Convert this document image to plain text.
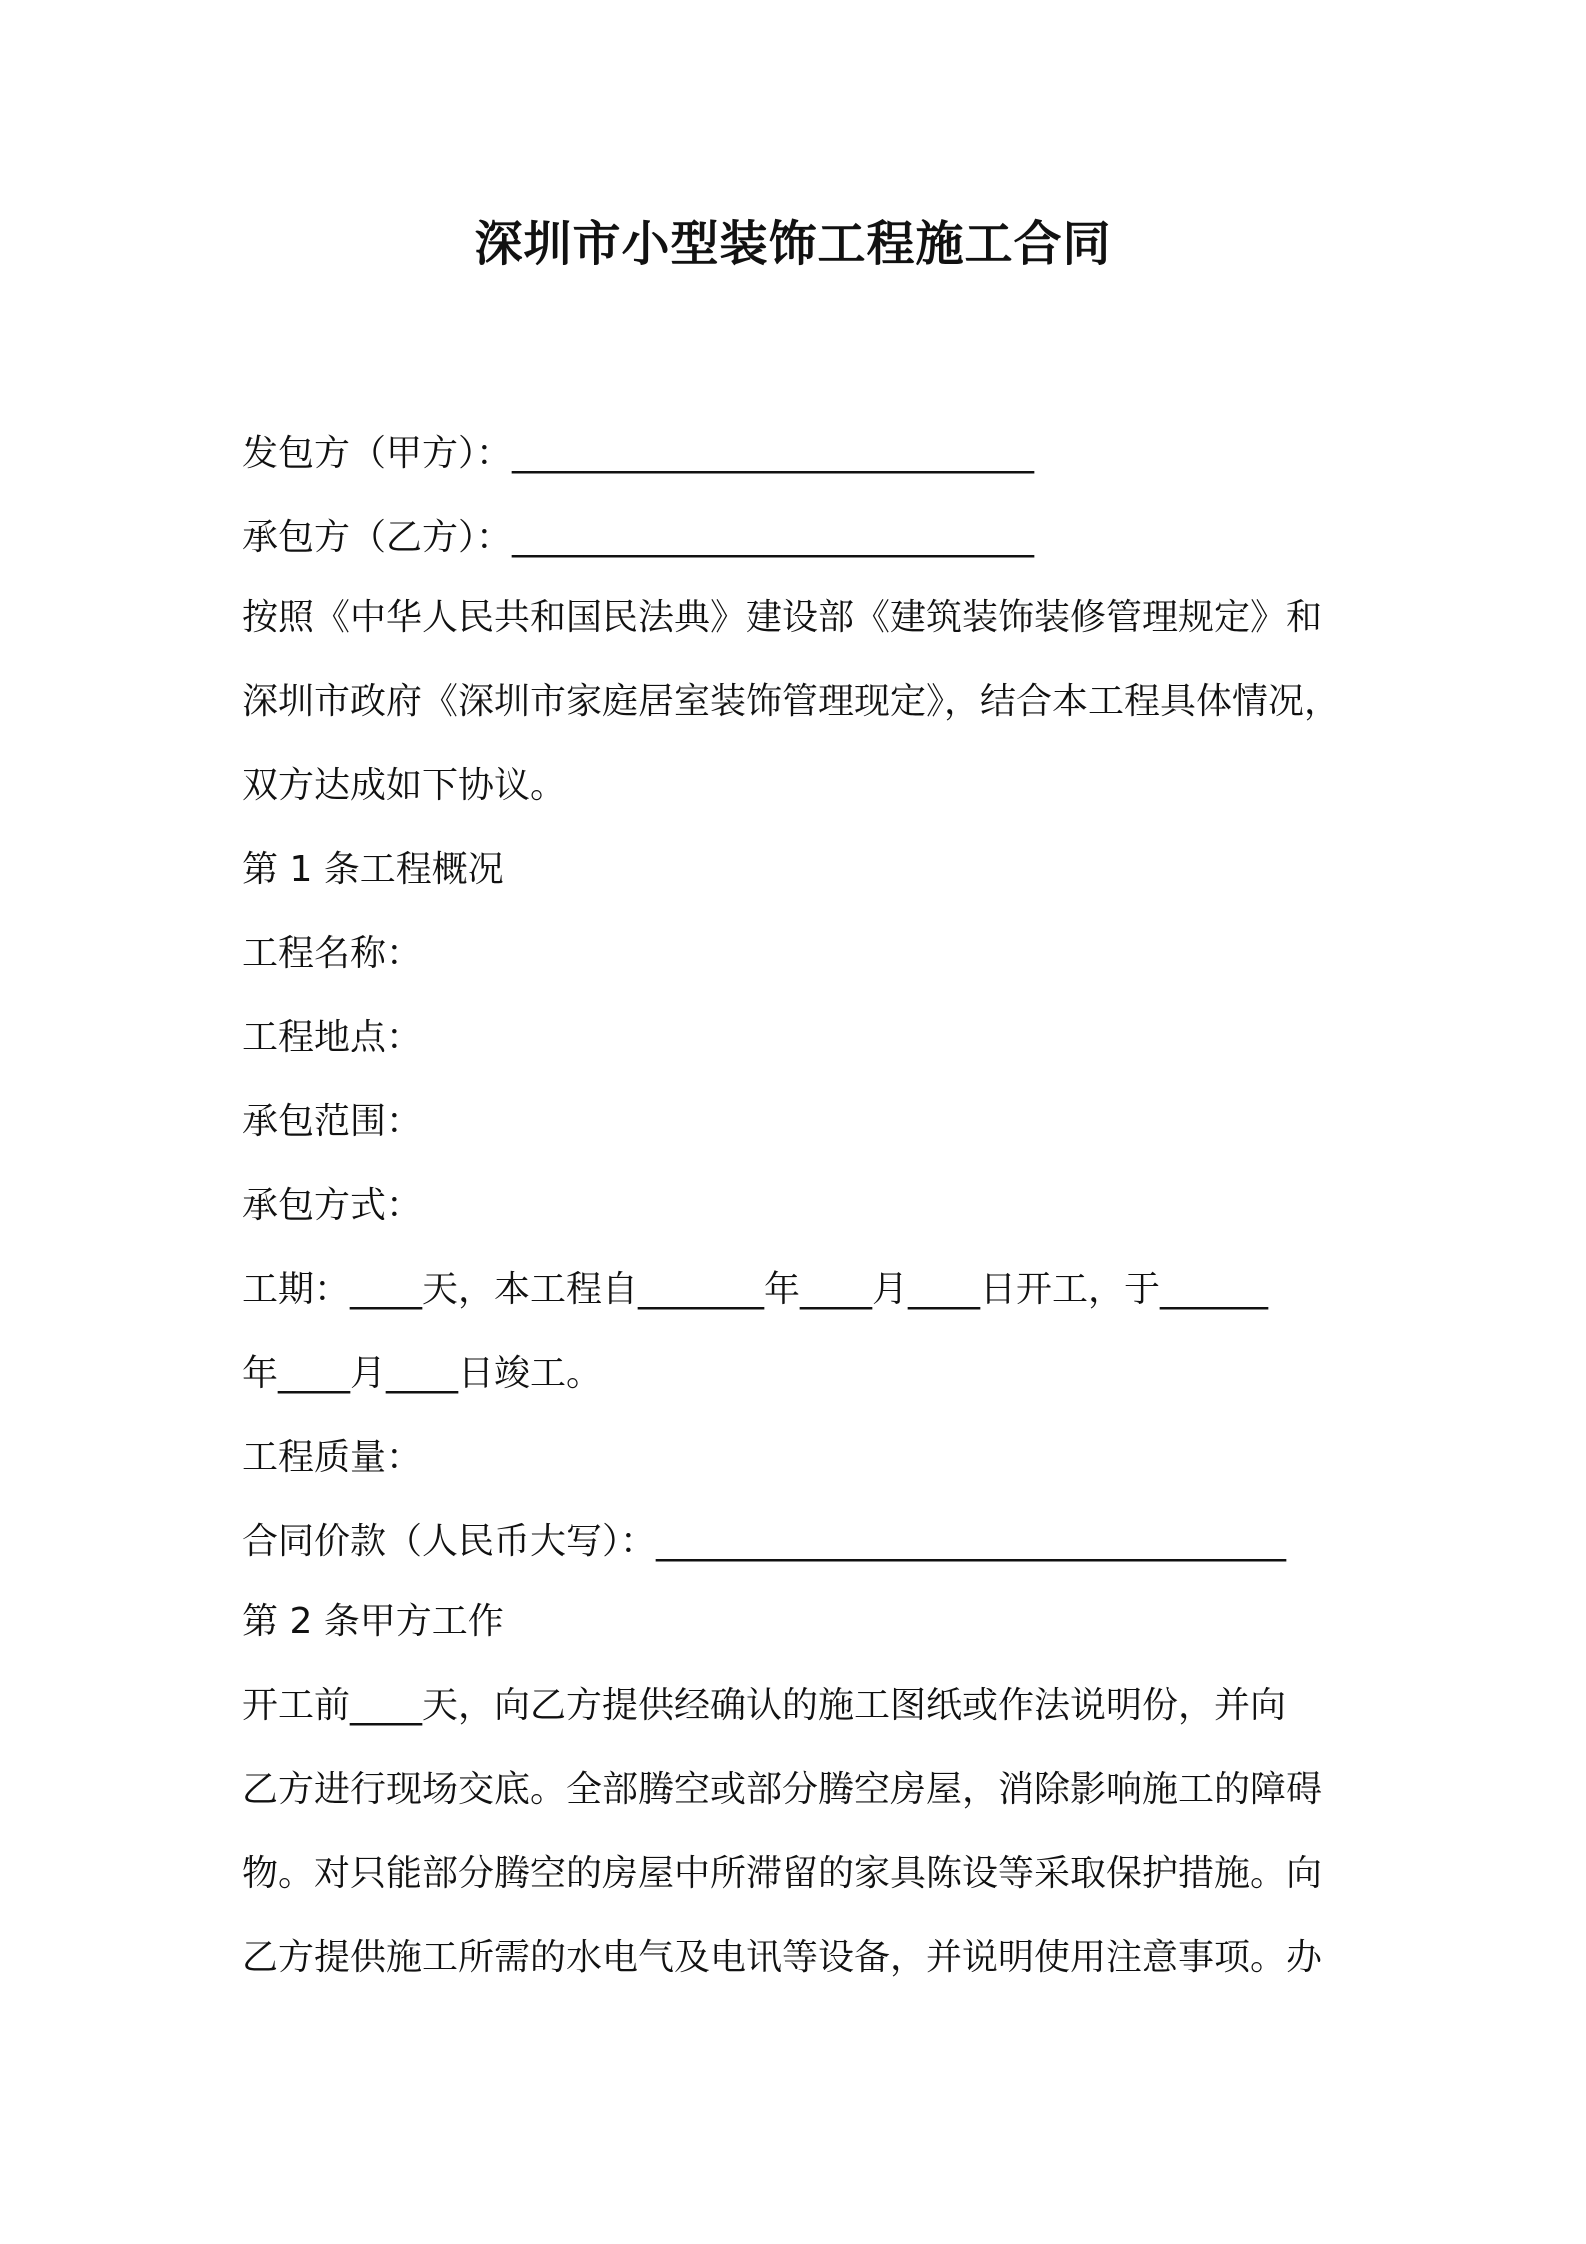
深圳市小型装饰工程施工合同
发包方（甲方）：_____________________________
承包方（乙方）：_____________________________
按照《中华人民共和国民法典》建设部《建筑装饰装修管理规定》和
深圳市政府《深圳市家庭居室装饰管理现定》，结合本工程具体情况，
双方达成如下协议。
第 1 条工程概况
工程名称：
工程地点：
承包范围：
承包方式：
工期：____天，本工程自_______年____月____日开工，于______
年____月____日竣工。
工程质量：
合同价款（人民币大写）：___________________________________
第 2 条甲方工作
开工前____天，向乙方提供经确认的施工图纸或作法说明份，并向
乙方进行现场交底。全部腾空或部分腾空房屋，消除影响施工的障碍
物。对只能部分腾空的房屋中所滞留的家具陈设等采取保护措施。向
乙方提供施工所需的水电气及电讯等设备，并说明使用注意事项。办
